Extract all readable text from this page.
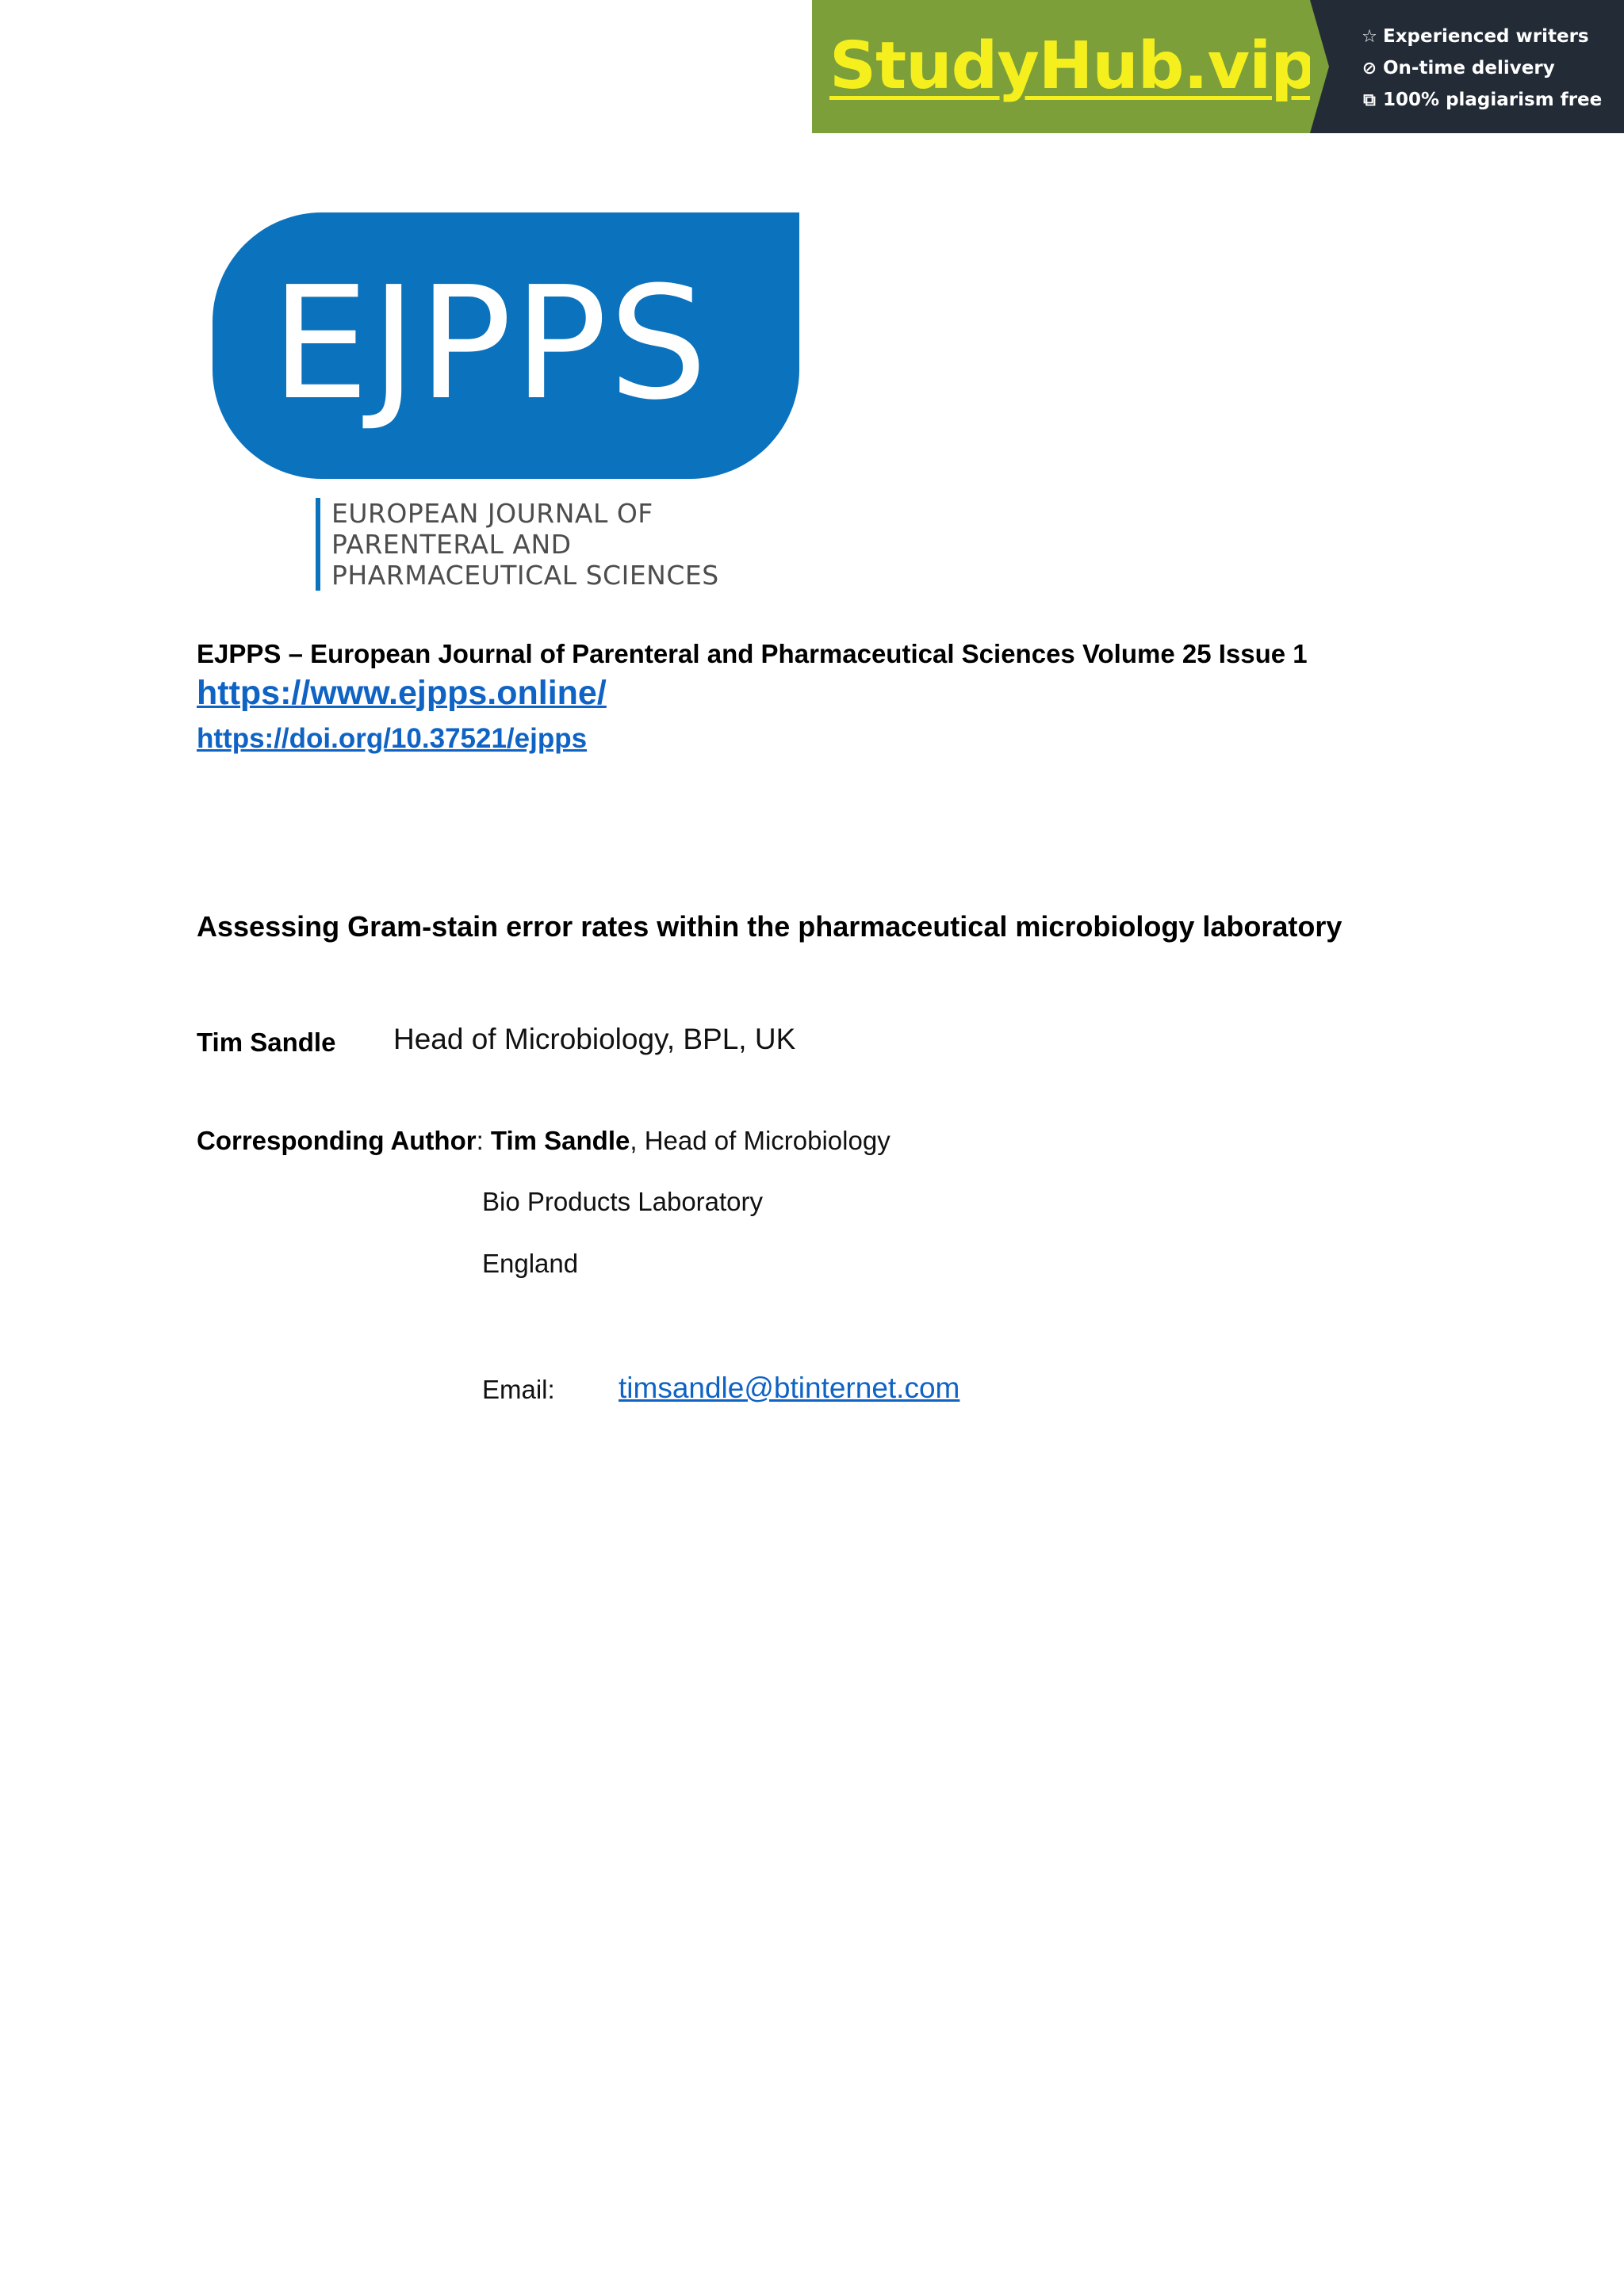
StudyHub.vip	☆ Experienced writers
⊘ On-time delivery
⧉ 100% plagiarism free
EJPPS
EUROPEAN JOURNAL OF
PARENTERAL AND
PHARMACEUTICAL SCIENCES
EJPPS – European Journal of Parenteral and Pharmaceutical Sciences Volume 25 Issue 1
https://www.ejpps.online/
https://doi.org/10.37521/ejpps
Assessing Gram-stain error rates within the pharmaceutical microbiology laboratory
Tim Sandle Head of Microbiology, BPL, UK
Corresponding Author: Tim Sandle, Head of Microbiology
Bio Products Laboratory
England
Email: timsandle@btinternet.com
